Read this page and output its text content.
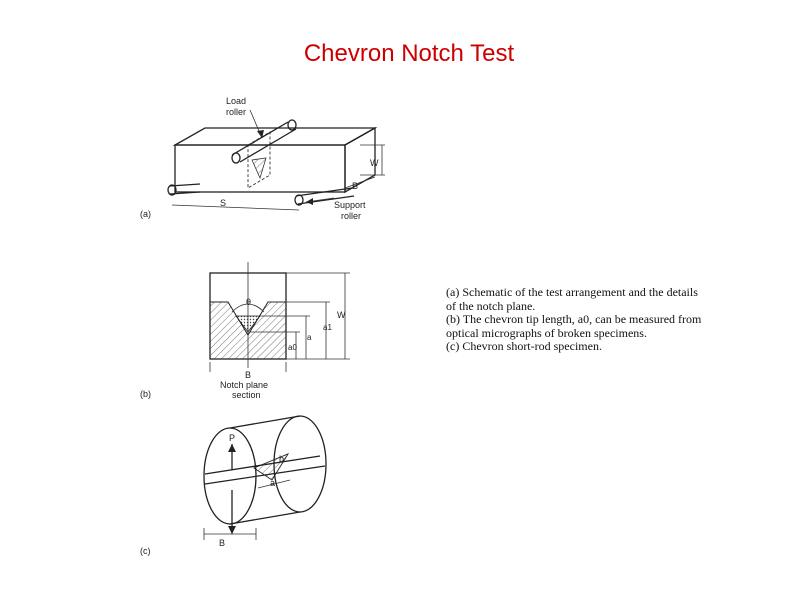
Chevron Notch Test
(a) Schematic of the test arrangement and the details
of the notch plane.
(b) The chevron tip length, a0, can be measured from
optical micrographs of broken specimens.
(c) Chevron short-rod specimen.
Load
roller
Support
roller
S
W
B
(a)
θ
W
a1
a
a0
B
Notch plane
section
(b)
P
b
a
B
(c)
